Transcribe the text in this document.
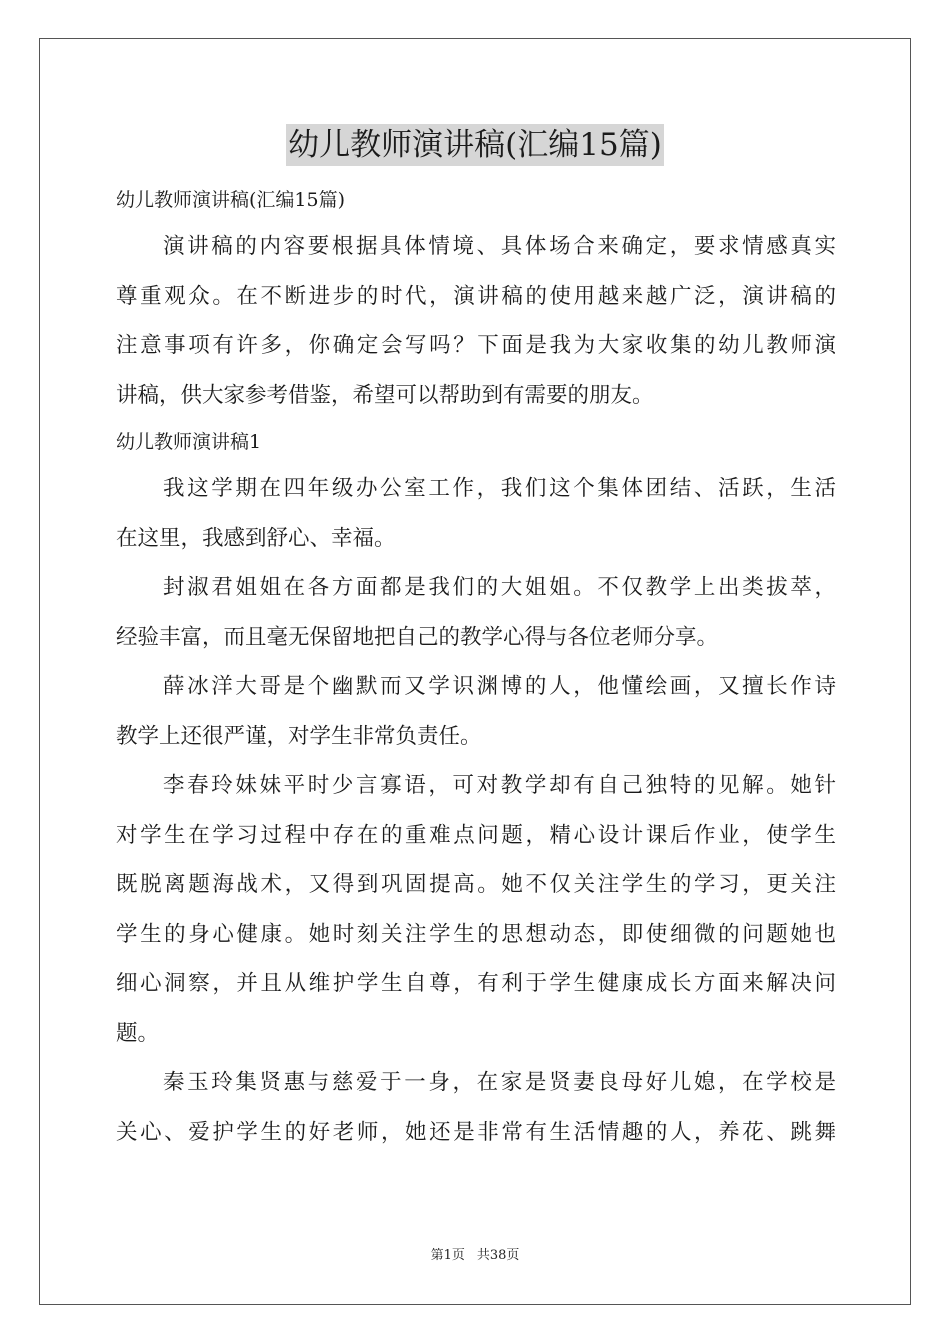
幼儿教师演讲稿(汇编15篇)
幼儿教师演讲稿(汇编15篇)
演讲稿的内容要根据具体情境、具体场合来确定，要求情感真实
尊重观众。在不断进步的时代，演讲稿的使用越来越广泛，演讲稿的
注意事项有许多，你确定会写吗？下面是我为大家收集的幼儿教师演
讲稿，供大家参考借鉴，希望可以帮助到有需要的朋友。
幼儿教师演讲稿1
我这学期在四年级办公室工作，我们这个集体团结、活跃，生活
在这里，我感到舒心、幸福。
封淑君姐姐在各方面都是我们的大姐姐。不仅教学上出类拔萃，
经验丰富，而且毫无保留地把自己的教学心得与各位老师分享。
薛冰洋大哥是个幽默而又学识渊博的人，他懂绘画，又擅长作诗
教学上还很严谨，对学生非常负责任。
李春玲妹妹平时少言寡语，可对教学却有自己独特的见解。她针
对学生在学习过程中存在的重难点问题，精心设计课后作业，使学生
既脱离题海战术，又得到巩固提高。她不仅关注学生的学习，更关注
学生的身心健康。她时刻关注学生的思想动态，即使细微的问题她也
细心洞察，并且从维护学生自尊，有利于学生健康成长方面来解决问
题。
秦玉玲集贤惠与慈爱于一身，在家是贤妻良母好儿媳，在学校是
关心、爱护学生的好老师，她还是非常有生活情趣的人，养花、跳舞
第1页 共38页
